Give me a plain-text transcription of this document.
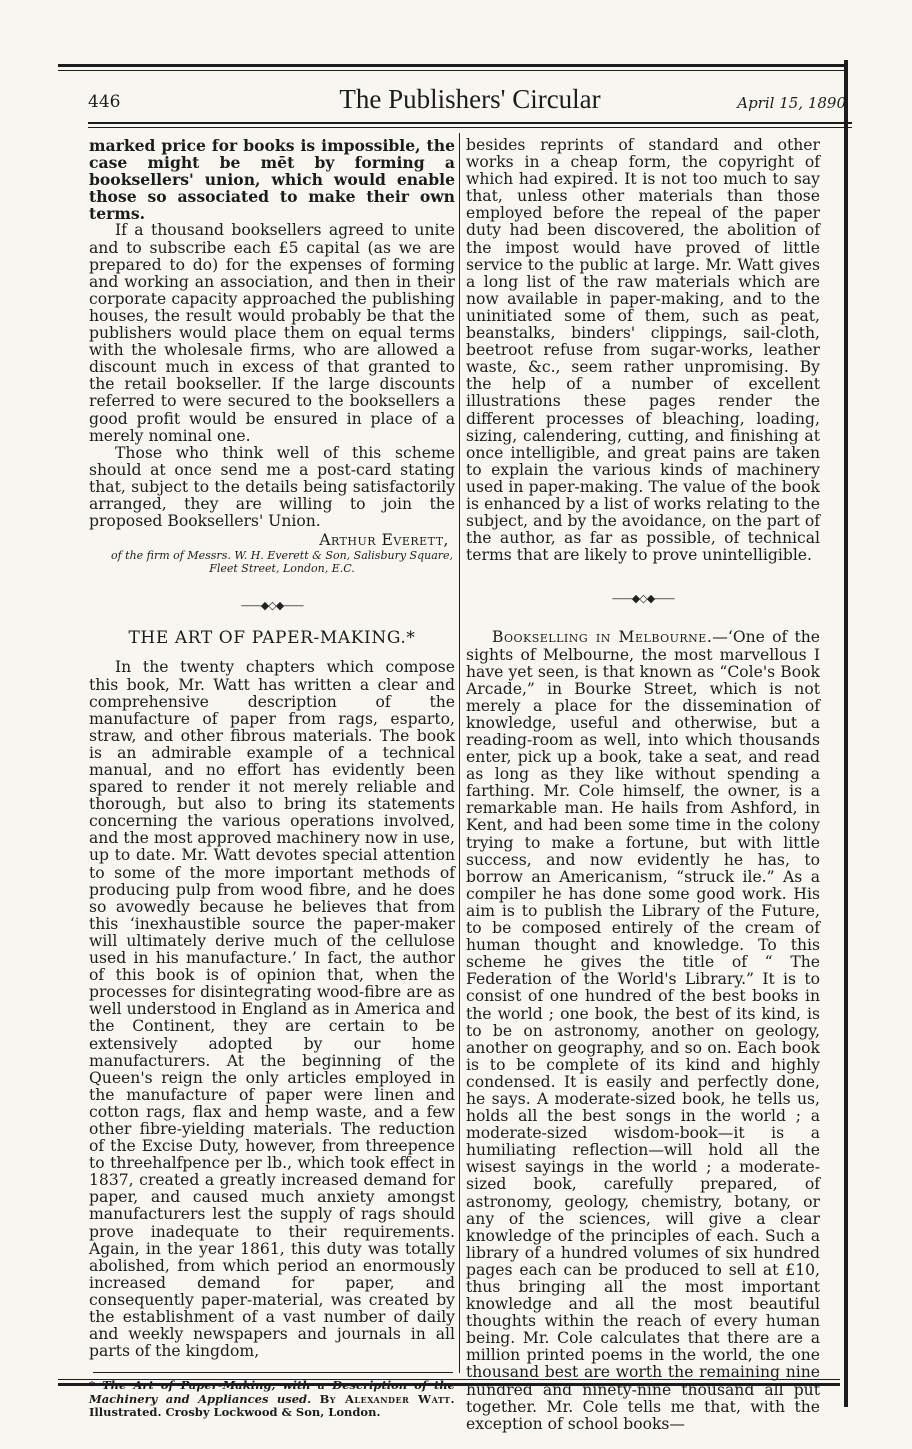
446	The Publishers' Circular	April 15, 1890

marked price for books is impossible, the case might be mēt by forming a booksellers' union, which would enable those so associated to make their own terms.

If a thousand booksellers agreed to unite and to subscribe each £5 capital (as we are prepared to do) for the expenses of forming and working an association, and then in their corporate capacity approached the publishing houses, the result would probably be that the publishers would place them on equal terms with the wholesale firms, who are allowed a discount much in excess of that granted to the retail bookseller. If the large discounts referred to were secured to the booksellers a good profit would be ensured in place of a merely nominal one.

Those who think well of this scheme should at once send me a post-card stating that, subject to the details being satisfactorily arranged, they are willing to join the proposed Booksellers' Union.

Arthur Everett,
of the firm of Messrs. W. H. Everett & Son, Salisbury Square, Fleet Street, London, E.C.
——◆◇◆——
THE ART OF PAPER-MAKING.*

In the twenty chapters which compose this book, Mr. Watt has written a clear and comprehensive description of the manufacture of paper from rags, esparto, straw, and other fibrous materials. The book is an admirable example of a technical manual, and no effort has evidently been spared to render it not merely reliable and thorough, but also to bring its statements concerning the various operations involved, and the most approved machinery now in use, up to date. Mr. Watt devotes special attention to some of the more important methods of producing pulp from wood fibre, and he does so avowedly because he believes that from this ‘inexhaustible source the paper-maker will ultimately derive much of the cellulose used in his manufacture.’ In fact, the author of this book is of opinion that, when the processes for disintegrating wood-fibre are as well understood in England as in America and the Continent, they are certain to be extensively adopted by our home manufacturers. At the beginning of the Queen's reign the only articles employed in the manufacture of paper were linen and cotton rags, flax and hemp waste, and a few other fibre-yielding materials. The reduction of the Excise Duty, however, from threepence to threehalfpence per lb., which took effect in 1837, created a greatly increased demand for paper, and caused much anxiety amongst manufacturers lest the supply of rags should prove inadequate to their requirements. Again, in the year 1861, this duty was totally abolished, from which period an enormously increased demand for paper, and consequently paper-material, was created by the establishment of a vast number of daily and weekly newspapers and journals in all parts of the kingdom,

* The Art of Paper-Making, with a Description of the Machinery and Appliances used. By Alexander Watt. Illustrated. Crosby Lockwood & Son, London.

besides reprints of standard and other works in a cheap form, the copyright of which had expired. It is not too much to say that, unless other materials than those employed before the repeal of the paper duty had been discovered, the abolition of the impost would have proved of little service to the public at large. Mr. Watt gives a long list of the raw materials which are now available in paper-making, and to the uninitiated some of them, such as peat, beanstalks, binders' clippings, sail-cloth, beetroot refuse from sugar-works, leather waste, &c., seem rather unpromising. By the help of a number of excellent illustrations these pages render the different processes of bleaching, loading, sizing, calendering, cutting, and finishing at once intelligible, and great pains are taken to explain the various kinds of machinery used in paper-making. The value of the book is enhanced by a list of works relating to the subject, and by the avoidance, on the part of the author, as far as possible, of technical terms that are likely to prove unintelligible.

——◆◇◆——

Bookselling in Melbourne.—‘One of the sights of Melbourne, the most marvellous I have yet seen, is that known as “Cole's Book Arcade,” in Bourke Street, which is not merely a place for the dissemination of knowledge, useful and otherwise, but a reading-room as well, into which thousands enter, pick up a book, take a seat, and read as long as they like without spending a farthing. Mr. Cole himself, the owner, is a remarkable man. He hails from Ashford, in Kent, and had been some time in the colony trying to make a fortune, but with little success, and now evidently he has, to borrow an Americanism, “struck ile.” As a compiler he has done some good work. His aim is to publish the Library of the Future, to be composed entirely of the cream of human thought and knowledge. To this scheme he gives the title of “ The Federation of the World's Library.” It is to consist of one hundred of the best books in the world ; one book, the best of its kind, is to be on astronomy, another on geology, another on geography, and so on. Each book is to be complete of its kind and highly condensed. It is easily and perfectly done, he says. A moderate-sized book, he tells us, holds all the best songs in the world ; a moderate-sized wisdom-book—it is a humiliating reflection—will hold all the wisest sayings in the world ; a moderate-sized book, carefully prepared, of astronomy, geology, chemistry, botany, or any of the sciences, will give a clear knowledge of the principles of each. Such a library of a hundred volumes of six hundred pages each can be produced to sell at £10, thus bringing all the most important knowledge and all the most beautiful thoughts within the reach of every human being. Mr. Cole calculates that there are a million printed poems in the world, the one thousand best are worth the remaining nine hundred and ninety-nine thousand all put together. Mr. Cole tells me that, with the exception of school books—
